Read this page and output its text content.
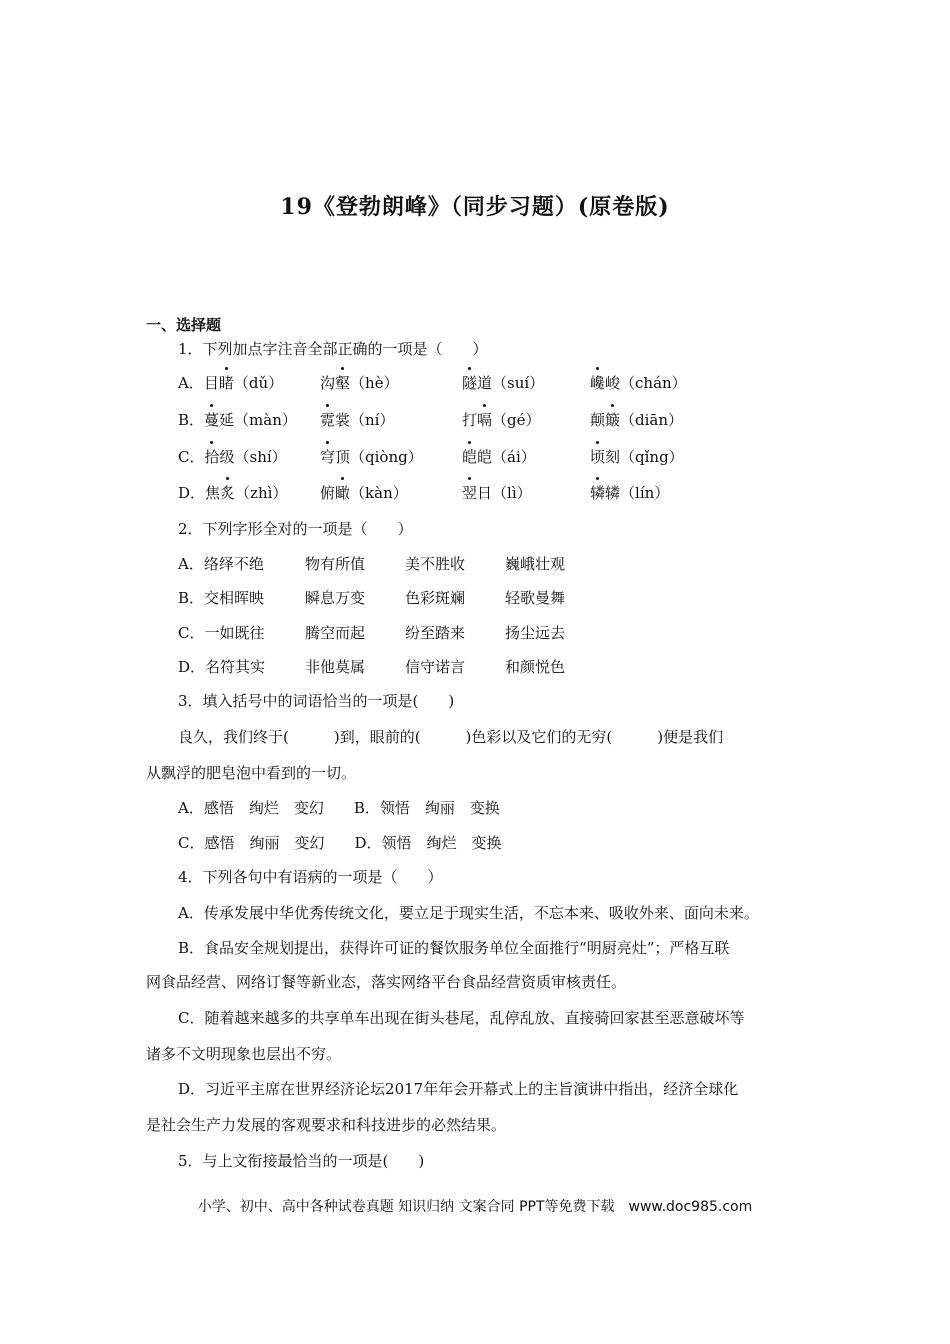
19《登勃朗峰》（同步习题）(原卷版)
一、选择题
1．下列加点字注音全部正确的一项是（　　）
A．目睹（dǔ） 沟壑（hè）	隧道（suí）	巉峻（chán）
B．蔓延（màn） 霓裳（ní）	打嗝（gé）	颠簸（diān）
C．拾级（shí） 穹顶（qiòng）	皑皑（ái）	顷刻（qǐng）
D．焦炙（zhì） 俯瞰（kàn）	翌日（lì）	辚辚（lín）
2．下列字形全对的一项是（　　）
A．络绎不绝	物有所值	美不胜收	巍峨壮观
B．交相晖映	瞬息万变	色彩斑斓	轻歌曼舞
C．一如既往	腾空而起	纷至踏来	扬尘远去
D．名符其实	非他莫属	信守诺言	和颜悦色
3．填入括号中的词语恰当的一项是(　　)
良久，我们终于(　　　)到，眼前的(　　　)色彩以及它们的无穷(　　　)便是我们
从飘浮的肥皂泡中看到的一切。
A．感悟　绚烂　变幻　　B．领悟　绚丽　变换
C．感悟　绚丽　变幻　　D．领悟　绚烂　变换
4．下列各句中有语病的一项是（　　）
A．传承发展中华优秀传统文化，要立足于现实生活，不忘本来、吸收外来、面向未来。
B．食品安全规划提出，获得许可证的餐饮服务单位全面推行“明厨亮灶”；严格互联
网食品经营、网络订餐等新业态，落实网络平台食品经营资质审核责任。
C．随着越来越多的共享单车出现在街头巷尾，乱停乱放、直接骑回家甚至恶意破坏等
诸多不文明现象也层出不穷。
D．习近平主席在世界经济论坛2017年年会开幕式上的主旨演讲中指出，经济全球化
是社会生产力发展的客观要求和科技进步的必然结果。
5．与上文衔接最恰当的一项是(　　)
小学、初中、高中各种试卷真题 知识归纳 文案合同 PPT等免费下载　www.doc985.com
